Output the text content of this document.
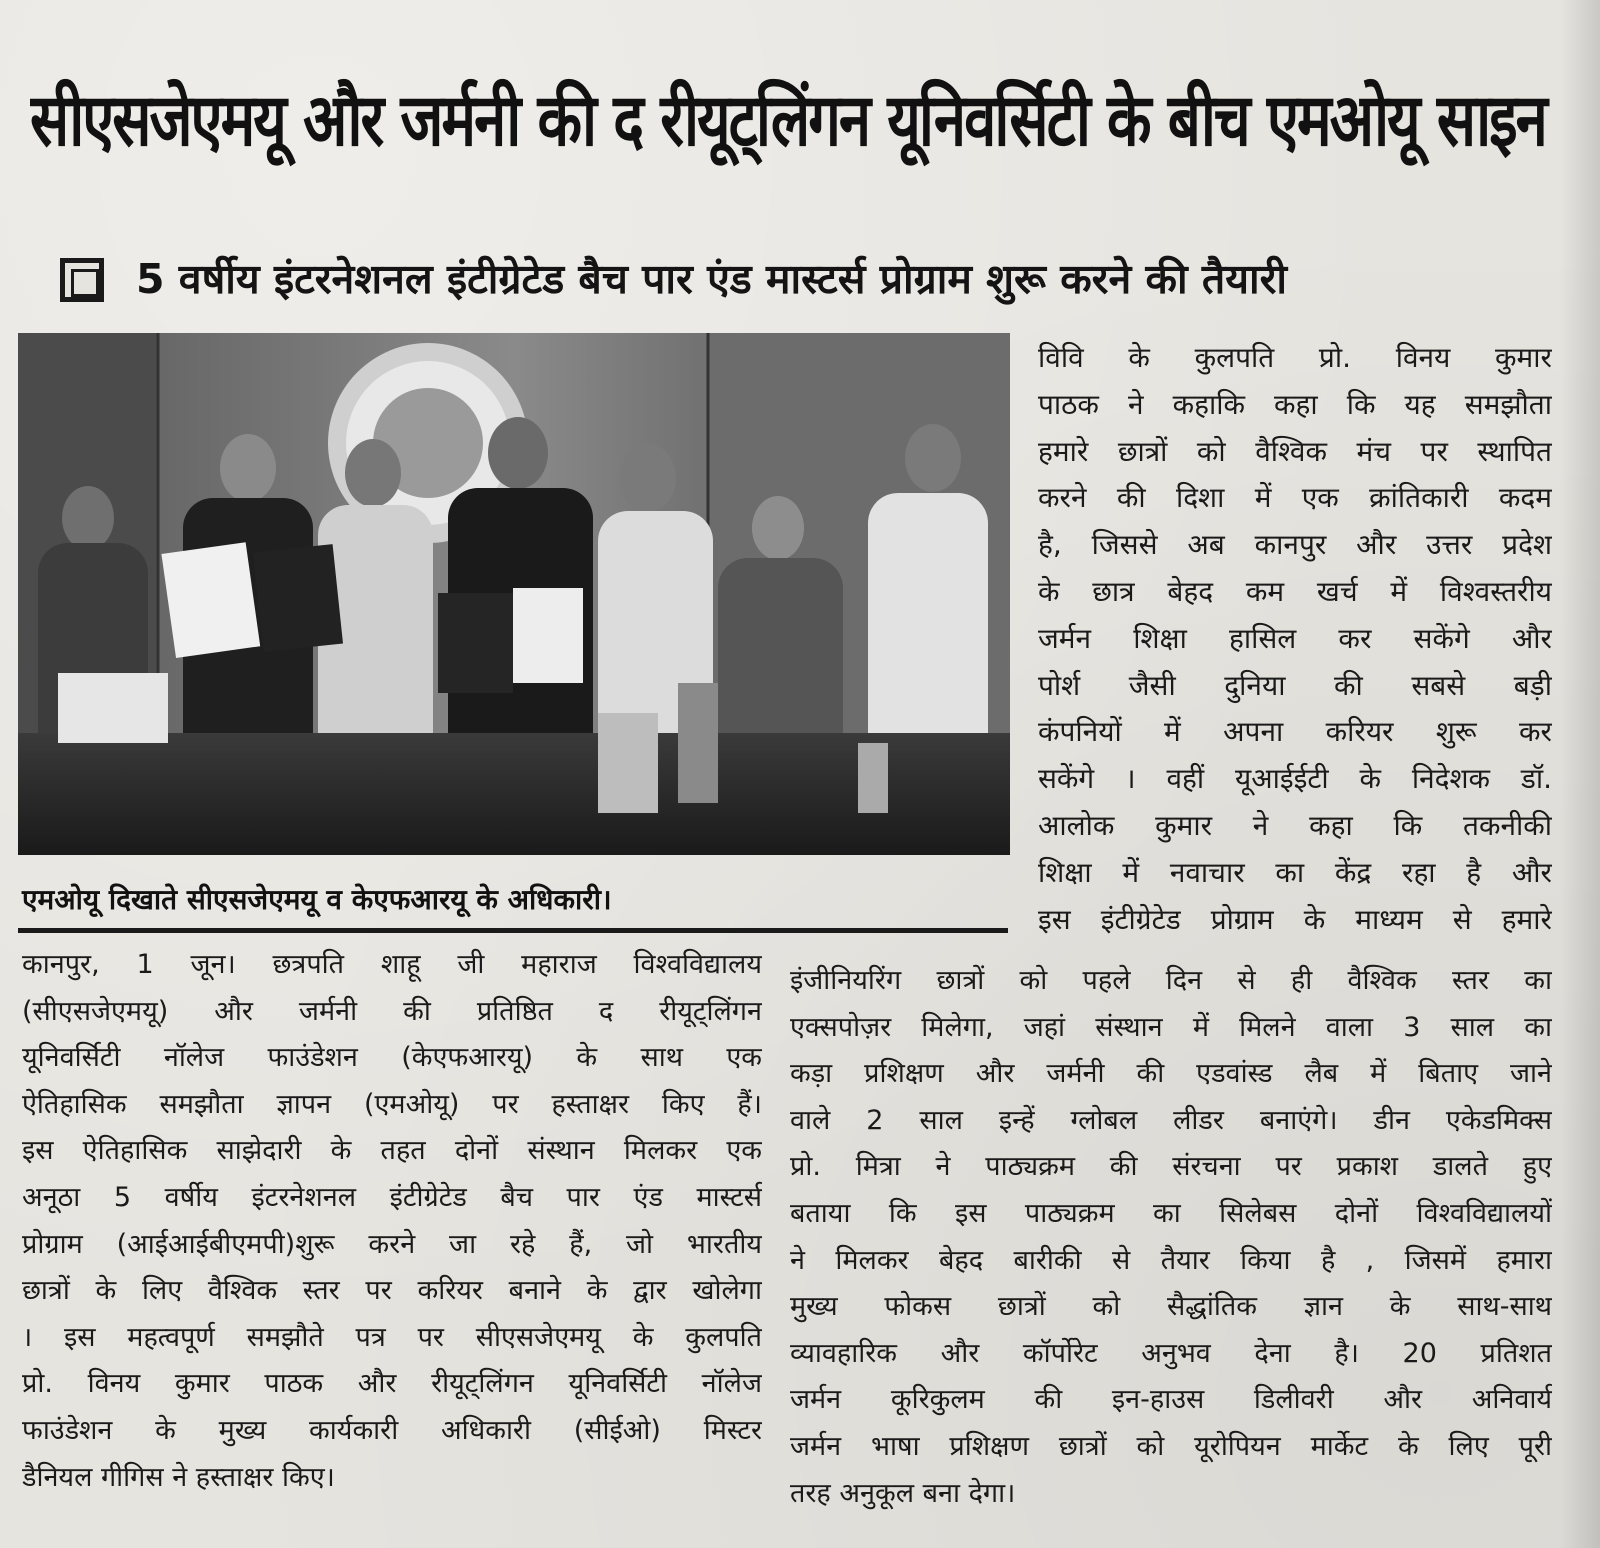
सीएसजेएमयू और जर्मनी की द रीयूट्लिंगन यूनिवर्सिटी के बीच एमओयू साइन
5 वर्षीय इंटरनेशनल इंटीग्रेटेड बैच पार एंड मास्टर्स प्रोग्राम शुरू करने की तैयारी
एमओयू दिखाते सीएसजेएमयू व केएफआरयू के अधिकारी।
विवि के कुलपति प्रो. विनय कुमार
पाठक ने कहाकि कहा कि यह समझौता
हमारे छात्रों को वैश्विक मंच पर स्थापित
करने की दिशा में एक क्रांतिकारी कदम
है, जिससे अब कानपुर और उत्तर प्रदेश
के छात्र बेहद कम खर्च में विश्वस्तरीय
जर्मन शिक्षा हासिल कर सकेंगे और
पोर्श जैसी दुनिया की सबसे बड़ी
कंपनियों में अपना करियर शुरू कर
सकेंगे । वहीं यूआईईटी के निदेशक डॉ.
आलोक कुमार ने कहा कि तकनीकी
शिक्षा में नवाचार का केंद्र रहा है और
इस इंटीग्रेटेड प्रोग्राम के माध्यम से हमारे
कानपुर, 1 जून। छत्रपति शाहू जी महाराज विश्वविद्यालय
(सीएसजेएमयू) और जर्मनी की प्रतिष्ठित द रीयूट्लिंगन
यूनिवर्सिटी नॉलेज फाउंडेशन (केएफआरयू) के साथ एक
ऐतिहासिक समझौता ज्ञापन (एमओयू) पर हस्ताक्षर किए हैं।
इस ऐतिहासिक साझेदारी के तहत दोनों संस्थान मिलकर एक
अनूठा 5 वर्षीय इंटरनेशनल इंटीग्रेटेड बैच पार एंड मास्टर्स
प्रोग्राम (आईआईबीएमपी)शुरू करने जा रहे हैं, जो भारतीय
छात्रों के लिए वैश्विक स्तर पर करियर बनाने के द्वार खोलेगा
। इस महत्वपूर्ण समझौते पत्र पर सीएसजेएमयू के कुलपति
प्रो. विनय कुमार पाठक और रीयूट्लिंगन यूनिवर्सिटी नॉलेज
फाउंडेशन के मुख्य कार्यकारी अधिकारी (सीईओ) मिस्टर
डैनियल गीगिस ने हस्ताक्षर किए।
इंजीनियरिंग छात्रों को पहले दिन से ही वैश्विक स्तर का
एक्सपोज़र मिलेगा, जहां संस्थान में मिलने वाला 3 साल का
कड़ा प्रशिक्षण और जर्मनी की एडवांस्ड लैब में बिताए जाने
वाले 2 साल इन्हें ग्लोबल लीडर बनाएंगे। डीन एकेडमिक्स
प्रो. मित्रा ने पाठ्यक्रम की संरचना पर प्रकाश डालते हुए
बताया कि इस पाठ्यक्रम का सिलेबस दोनों विश्वविद्यालयों
ने मिलकर बेहद बारीकी से तैयार किया है , जिसमें हमारा
मुख्य फोकस छात्रों को सैद्धांतिक ज्ञान के साथ-साथ
व्यावहारिक और कॉर्पोरेट अनुभव देना है। 20 प्रतिशत
जर्मन कूरिकुलम की इन-हाउस डिलीवरी और अनिवार्य
जर्मन भाषा प्रशिक्षण छात्रों को यूरोपियन मार्केट के लिए पूरी
तरह अनुकूल बना देगा।
